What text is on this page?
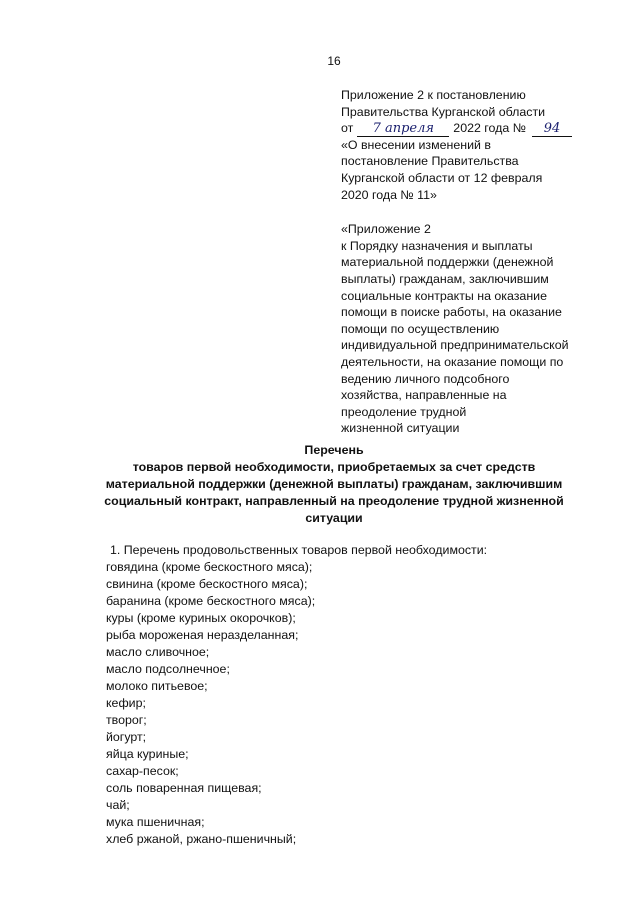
16
Приложение 2 к постановлению
Правительства Курганской области
от	7 апреля	2022 года №	94
«О внесении изменений в
постановление Правительства
Курганской области от 12 февраля
2020 года № 11»
«Приложение 2
к Порядку назначения и выплаты
материальной поддержки (денежной
выплаты) гражданам, заключившим
социальные контракты на оказание
помощи в поиске работы, на оказание
помощи по осуществлению
индивидуальной предпринимательской
деятельности, на оказание помощи по
ведению личного подсобного
хозяйства, направленные на
преодоление трудной
жизненной ситуации
Перечень
товаров первой необходимости, приобретаемых за счет средств
материальной поддержки (денежной выплаты) гражданам, заключившим
социальный контракт, направленный на преодоление трудной жизненной
ситуации
1. Перечень продовольственных товаров первой необходимости:
говядина (кроме бескостного мяса);
свинина (кроме бескостного мяса);
баранина (кроме бескостного мяса);
куры (кроме куриных окорочков);
рыба мороженая неразделанная;
масло сливочное;
масло подсолнечное;
молоко питьевое;
кефир;
творог;
йогурт;
яйца куриные;
сахар-песок;
соль поваренная пищевая;
чай;
мука пшеничная;
хлеб ржаной, ржано-пшеничный;
